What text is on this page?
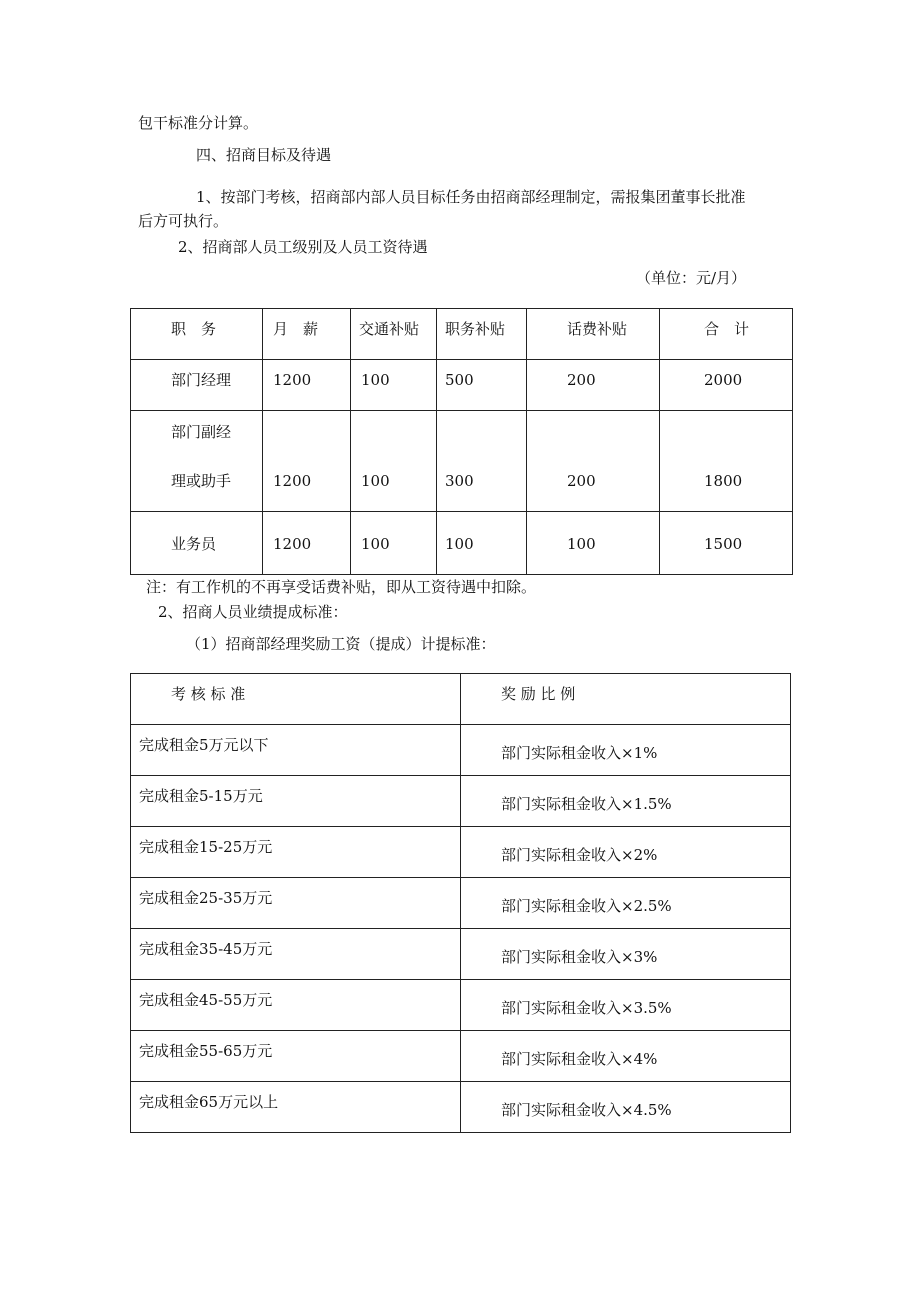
包干标准分计算。
四、招商目标及待遇
1、按部门考核，招商部内部人员目标任务由招商部经理制定，需报集团董事长批准
后方可执行。
2、招商部人员工级别及人员工资待遇
（单位：元/月）
职　务	月　薪	交通补贴	职务补贴	话费补贴	合　计

部门经理	1200	100	500	200	2000

部门副经
理或助手	1200	100	300	200	1800

业务员	1200	100	100	100	1500
注：有工作机的不再享受话费补贴，即从工资待遇中扣除。
2、招商人员业绩提成标准：
（1）招商部经理奖励工资（提成）计提标准：
考 核 标 准	奖 励 比 例

完成租金5万元以下	部门实际租金收入×1%

完成租金5-15万元	部门实际租金收入×1.5%

完成租金15-25万元	部门实际租金收入×2%

完成租金25-35万元	部门实际租金收入×2.5%

完成租金35-45万元	部门实际租金收入×3%

完成租金45-55万元	部门实际租金收入×3.5%

完成租金55-65万元	部门实际租金收入×4%

完成租金65万元以上	部门实际租金收入×4.5%
